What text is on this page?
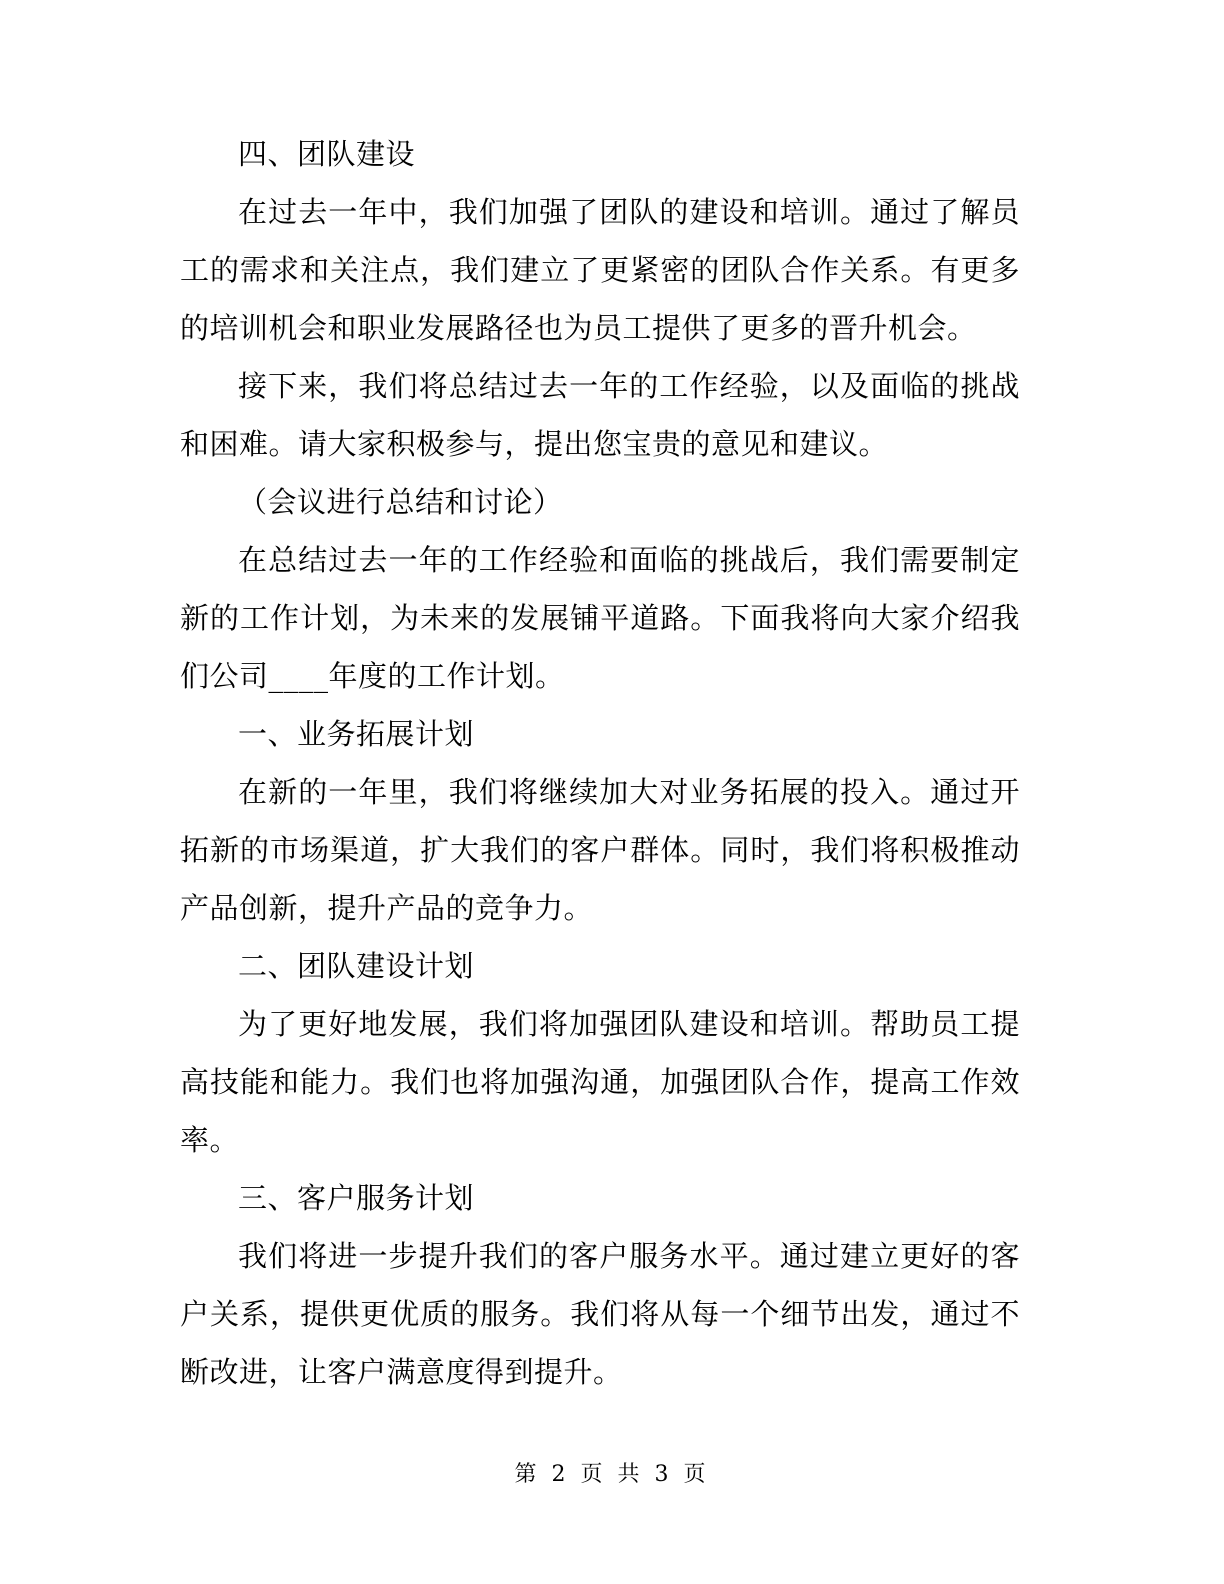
四、团队建设

在过去一年中，我们加强了团队的建设和培训。通过了解员工的需求和关注点，我们建立了更紧密的团队合作关系。有更多的培训机会和职业发展路径也为员工提供了更多的晋升机会。

接下来，我们将总结过去一年的工作经验，以及面临的挑战和困难。请大家积极参与，提出您宝贵的意见和建议。

（会议进行总结和讨论）

在总结过去一年的工作经验和面临的挑战后，我们需要制定新的工作计划，为未来的发展铺平道路。下面我将向大家介绍我们公司____年度的工作计划。

一、业务拓展计划

在新的一年里，我们将继续加大对业务拓展的投入。通过开拓新的市场渠道，扩大我们的客户群体。同时，我们将积极推动产品创新，提升产品的竞争力。

二、团队建设计划

为了更好地发展，我们将加强团队建设和培训。帮助员工提高技能和能力。我们也将加强沟通，加强团队合作，提高工作效率。

三、客户服务计划

我们将进一步提升我们的客户服务水平。通过建立更好的客户关系，提供更优质的服务。我们将从每一个细节出发，通过不断改进，让客户满意度得到提升。

第 2 页 共 3 页
